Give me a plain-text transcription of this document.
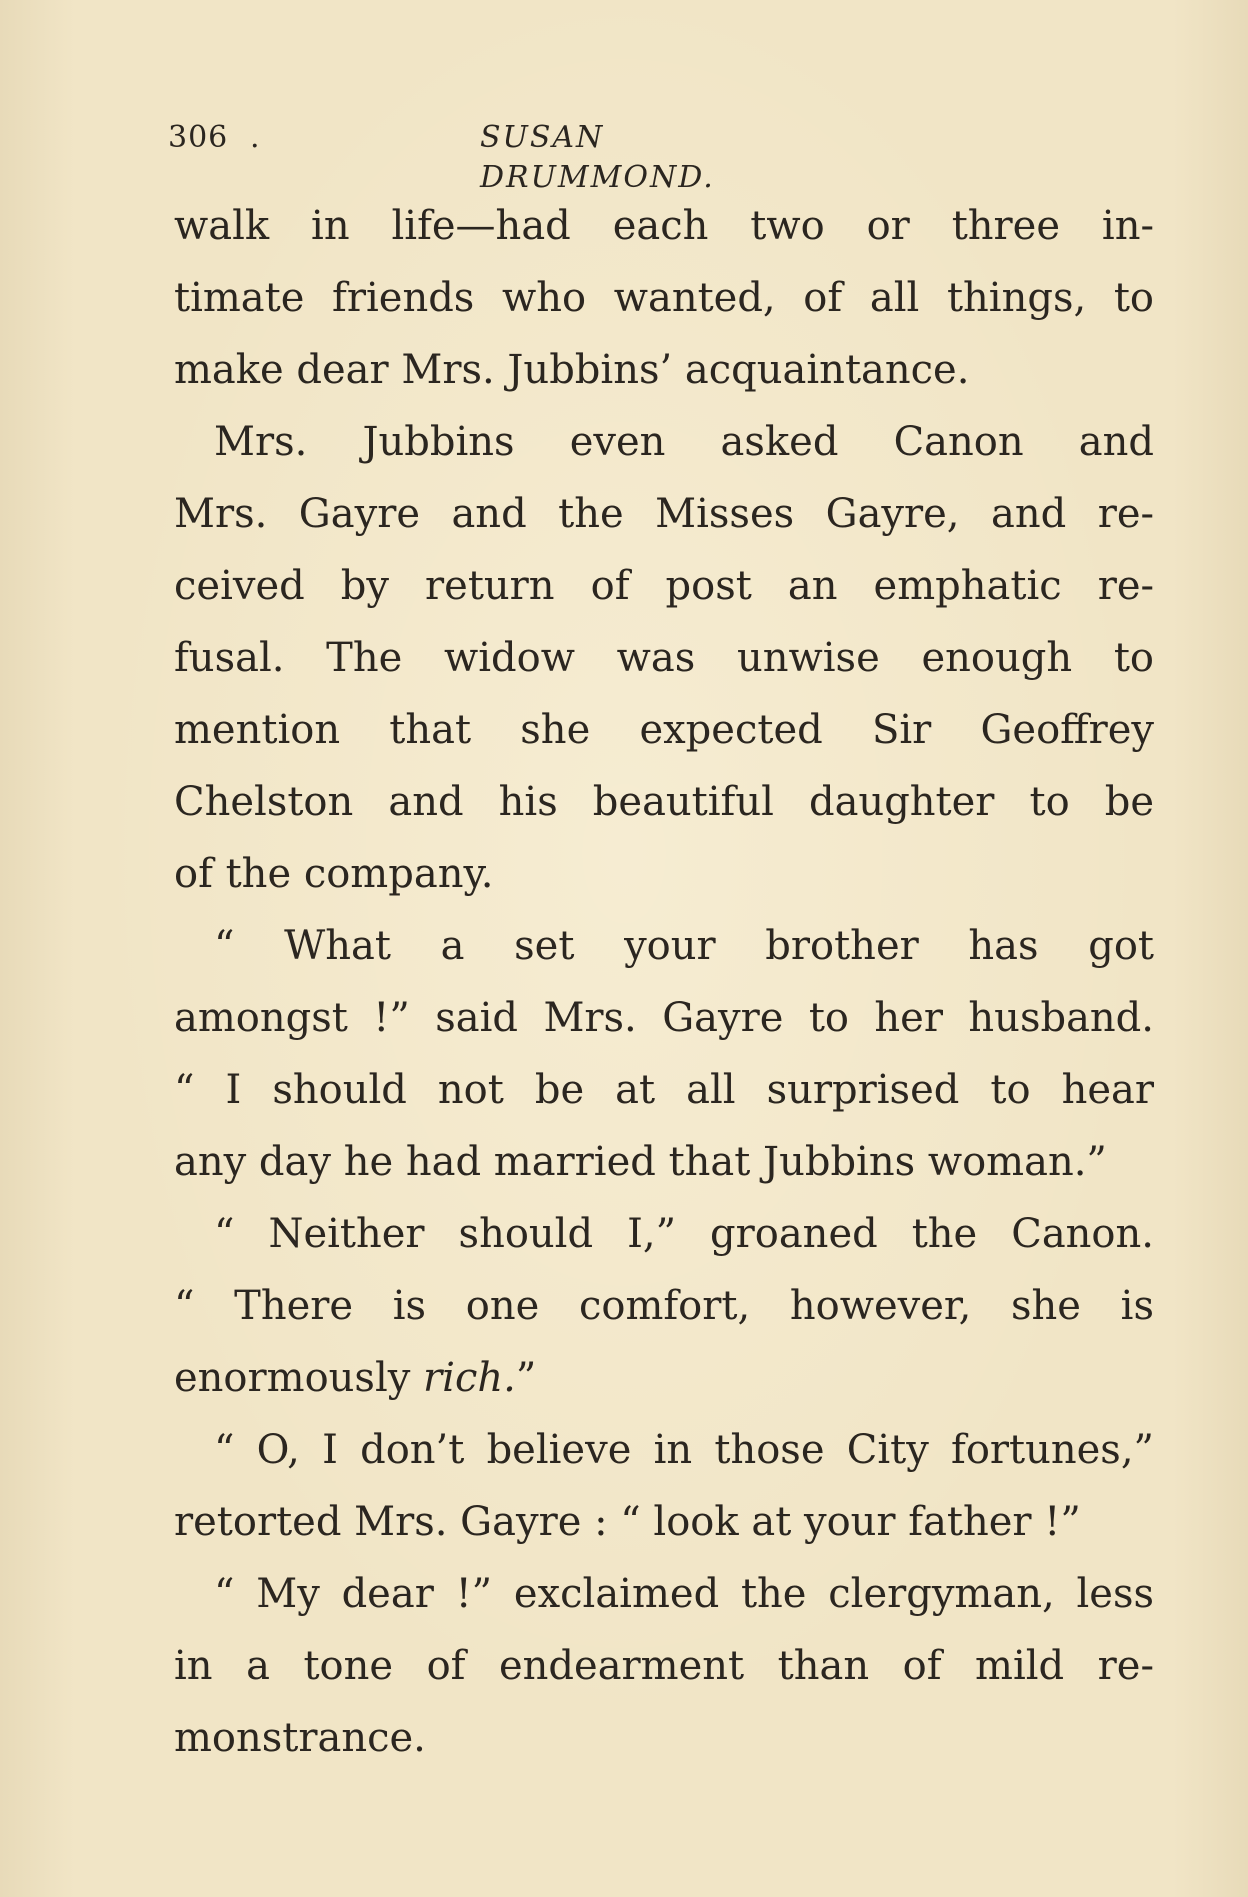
306 .	SUSAN DRUMMOND.
walk in life—had each two or three in-
timate friends who wanted, of all things, to
make dear Mrs. Jubbins’ acquaintance.
Mrs. Jubbins even asked Canon and
Mrs. Gayre and the Misses Gayre, and re-
ceived by return of post an emphatic re-
fusal. The widow was unwise enough to
mention that she expected Sir Geoffrey
Chelston and his beautiful daughter to be
of the company.
“ What a set your brother has got
amongst !” said Mrs. Gayre to her husband.
“ I should not be at all surprised to hear
any day he had married that Jubbins woman.”
“ Neither should I,” groaned the Canon.
“ There is one comfort, however, she is
enormously rich.”
“ O, I don’t believe in those City fortunes,”
retorted Mrs. Gayre : “ look at your father !”
“ My dear !” exclaimed the clergyman, less
in a tone of endearment than of mild re-
monstrance.
